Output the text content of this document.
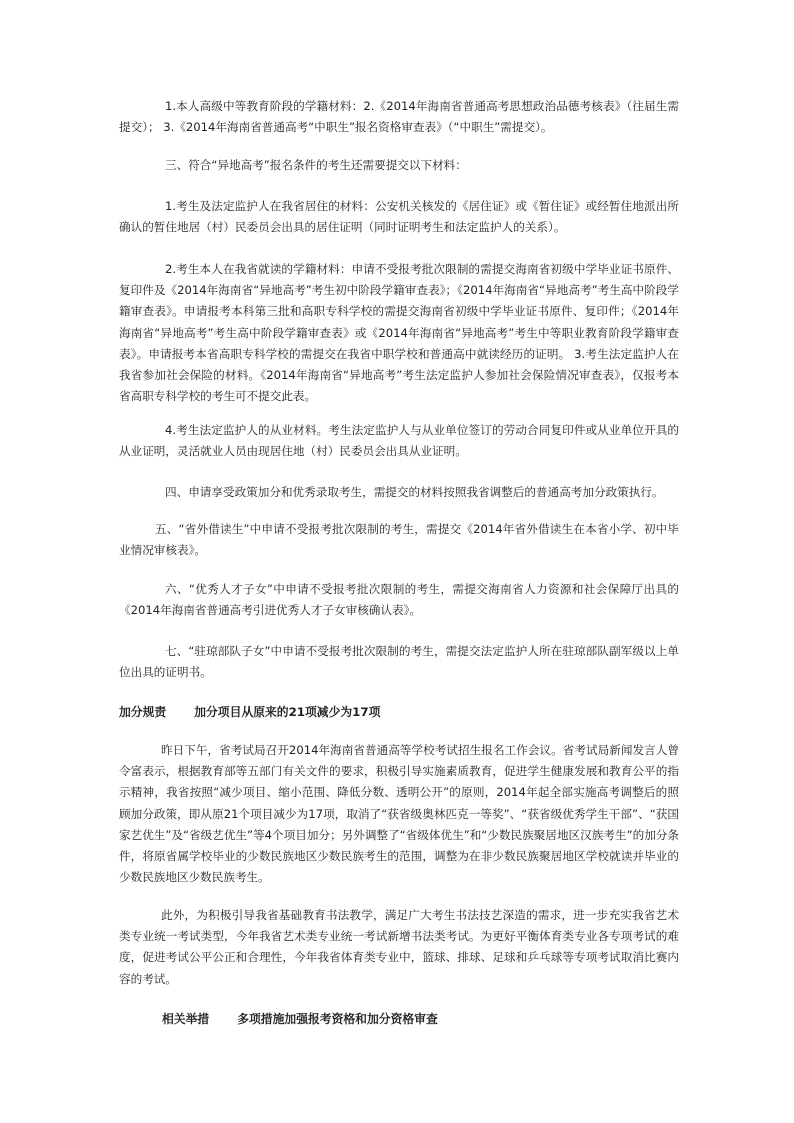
1.本人高级中等教育阶段的学籍材料：2.《2014年海南省普通高考思想政治品德考核表》（往届生需提交）； 3.《2014年海南省普通高考“中职生”报名资格审查表》（“中职生”需提交）。

三、符合“异地高考”报名条件的考生还需要提交以下材料：

1.考生及法定监护人在我省居住的材料：公安机关核发的《居住证》或《暂住证》或经暂住地派出所确认的暂住地居（村）民委员会出具的居住证明（同时证明考生和法定监护人的关系）。

2.考生本人在我省就读的学籍材料：申请不受报考批次限制的需提交海南省初级中学毕业证书原件、复印件及《2014年海南省“异地高考”考生初中阶段学籍审查表》；《2014年海南省“异地高考”考生高中阶段学籍审查表》。申请报考本科第三批和高职专科学校的需提交海南省初级中学毕业证书原件、复印件；《2014年海南省“异地高考”考生高中阶段学籍审查表》或《2014年海南省“异地高考”考生中等职业教育阶段学籍审查表》。申请报考本省高职专科学校的需提交在我省中职学校和普通高中就读经历的证明。 3.考生法定监护人在我省参加社会保险的材料。《2014年海南省“异地高考”考生法定监护人参加社会保险情况审查表》，仅报考本省高职专科学校的考生可不提交此表。

4.考生法定监护人的从业材料。考生法定监护人与从业单位签订的劳动合同复印件或从业单位开具的从业证明，灵活就业人员由现居住地（村）民委员会出具从业证明。

四、申请享受政策加分和优秀录取考生，需提交的材料按照我省调整后的普通高考加分政策执行。

五、“省外借读生”中申请不受报考批次限制的考生，需提交《2014年省外借读生在本省小学、初中毕业情况审核表》。

六、“优秀人才子女”中申请不受报考批次限制的考生，需提交海南省人力资源和社会保障厅出具的《2014年海南省普通高考引进优秀人才子女审核确认表》。

七、“驻琼部队子女”中申请不受报考批次限制的考生，需提交法定监护人所在驻琼部队副军级以上单位出具的证明书。

加分规责 加分项目从原来的21项减少为17项

昨日下午，省考试局召开2014年海南省普通高等学校考试招生报名工作会议。省考试局新闻发言人曾令富表示，根据教育部等五部门有关文件的要求，积极引导实施素质教育，促进学生健康发展和教育公平的指示精神，我省按照“减少项目、缩小范围、降低分数、透明公开”的原则，2014年起全部实施高考调整后的照顾加分政策，即从原21个项目减少为17项，取消了“获省级奥林匹克一等奖”、“获省级优秀学生干部”、“获国家艺优生”及“省级艺优生”等4个项目加分；另外调整了“省级体优生”和“少数民族聚居地区汉族考生”的加分条件，将原省属学校毕业的少数民族地区少数民族考生的范围，调整为在非少数民族聚居地区学校就读并毕业的少数民族地区少数民族考生。

此外，为积极引导我省基础教育书法教学，满足广大考生书法技艺深造的需求，进一步充实我省艺术类专业统一考试类型，今年我省艺术类专业统一考试新增书法类考试。为更好平衡体育类专业各专项考试的难度，促进考试公平公正和合理性，今年我省体育类专业中，篮球、排球、足球和乒乓球等专项考试取消比赛内容的考试。

相关举措 多项措施加强报考资格和加分资格审查
